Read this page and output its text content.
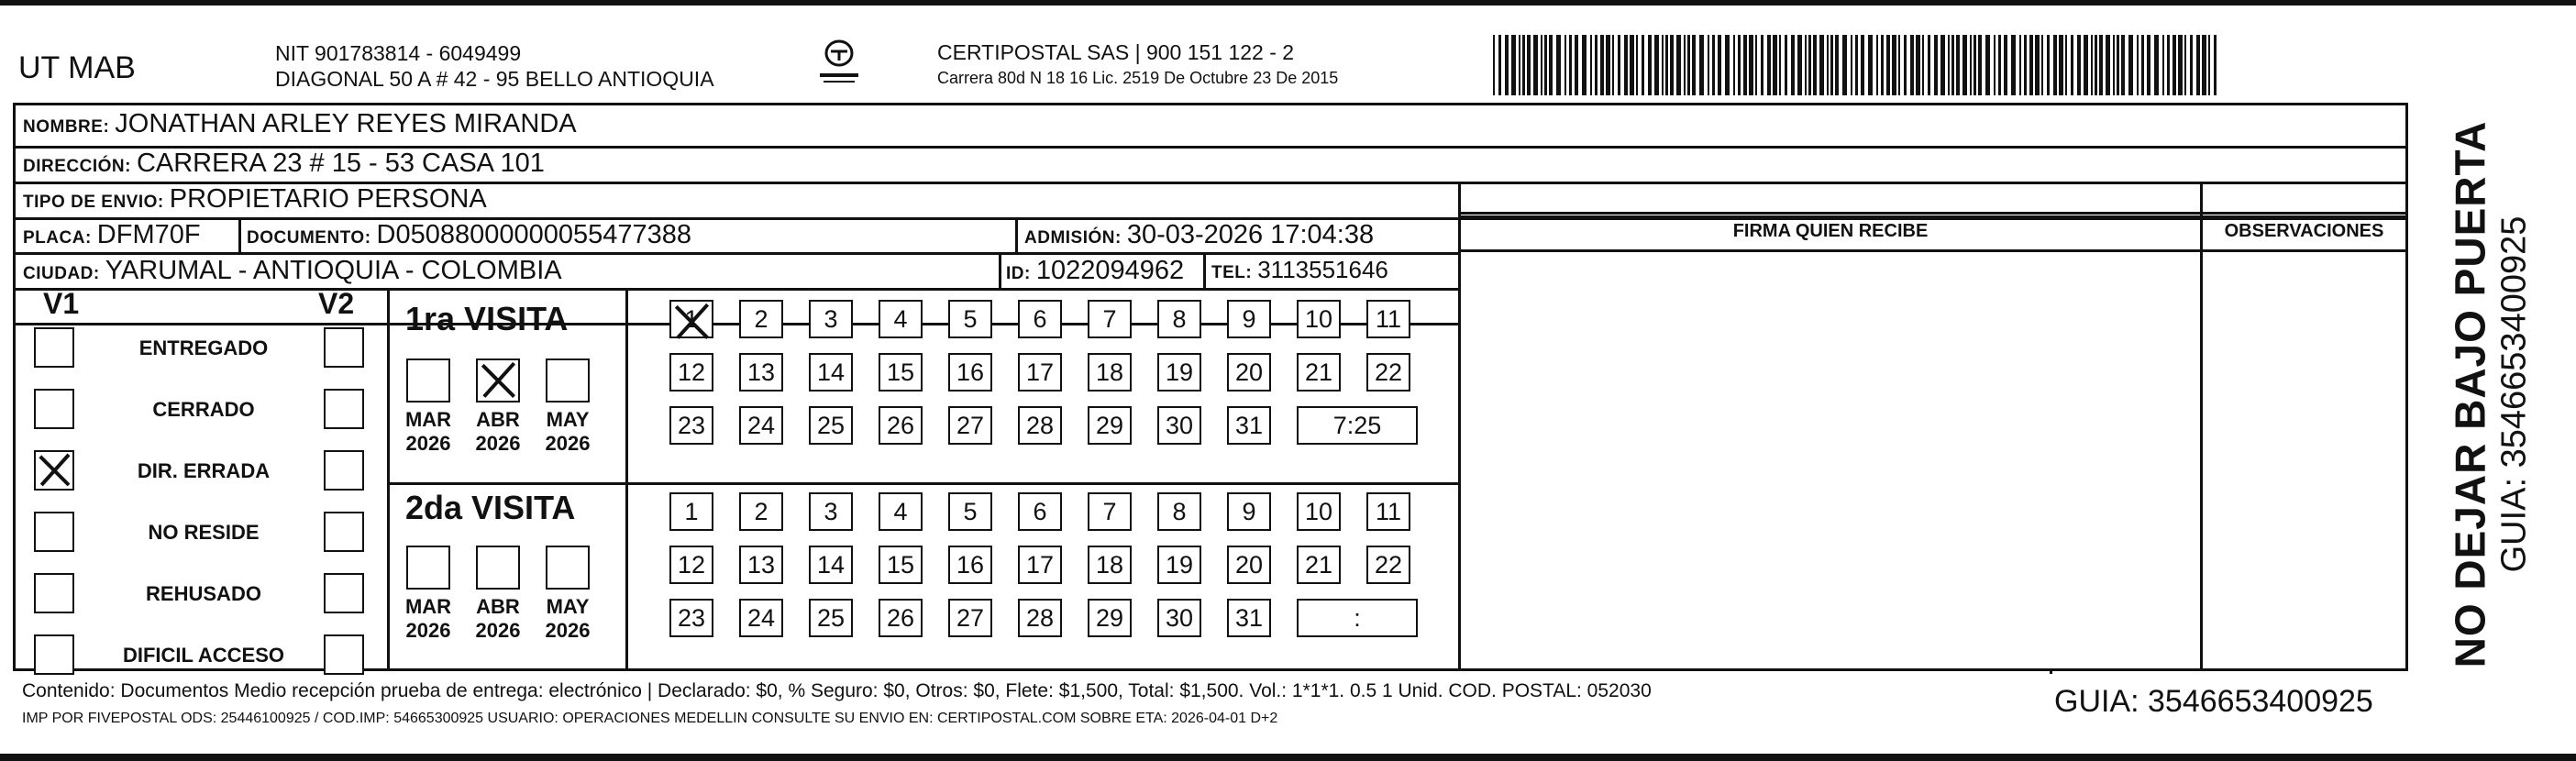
UT MAB	NIT 901783814 - 6049499
DIAGONAL 50 A # 42 - 95 BELLO ANTIOQUIA
CERTIPOSTAL SAS | 900 151 122 - 2
Carrera 80d N 18 16 Lic. 2519 De Octubre 23 De 2015
NOMBRE: JONATHAN ARLEY REYES MIRANDA
DIRECCIÓN: CARRERA 23 # 15 - 53 CASA 101
TIPO DE ENVIO: PROPIETARIO PERSONA
PLACA: DFM70F	DOCUMENTO: D05088000000055477388	ADMISIÓN: 30-03-2026 17:04:38
CIUDAD: YARUMAL - ANTIOQUIA - COLOMBIA	ID: 1022094962 TEL: 3113551646
FIRMA QUIEN RECIBE	OBSERVACIONES
V1	V2
ENTREGADO
CERRADO
DIR. ERRADA
NO RESIDE
REHUSADO
DIFICIL ACCESO
1ra VISITA
2da VISITA
MAR
2026
ABR
2026
MAY
2026
MAR
2026
ABR
2026
MAY
2026
1 2 3 4 5 6 7 8 9 10 11
12 13 14 15 16 17 18 19 20 21 22
23 24 25 26 27 28 29 30 31	7:25
1 2 3 4 5 6 7 8 9 10 11
12 13 14 15 16 17 18 19 20 21 22
23 24 25 26 27 28 29 30 31	:
Contenido: Documentos Medio recepción prueba de entrega: electrónico | Declarado: $0, % Seguro: $0, Otros: $0, Flete: $1,500, Total: $1,500. Vol.: 1*1*1. 0.5 1 Unid. COD. POSTAL: 052030
IMP POR FIVEPOSTAL ODS: 25446100925 / COD.IMP: 54665300925 USUARIO: OPERACIONES MEDELLIN CONSULTE SU ENVIO EN: CERTIPOSTAL.COM SOBRE ETA: 2026-04-01 D+2	GUIA: 3546653400925
NO DEJAR BAJO PUERTA GUIA: 3546653400925
